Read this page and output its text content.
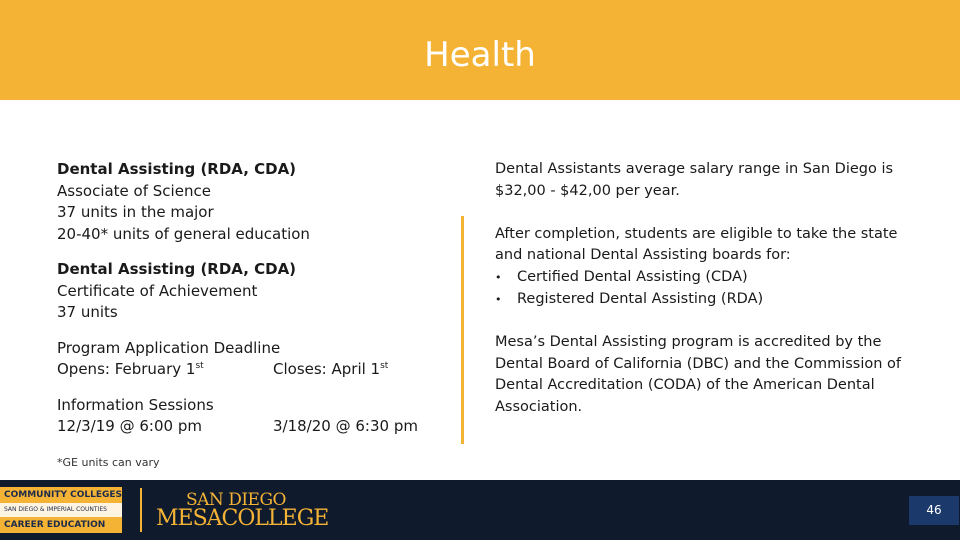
Health
Dental Assisting (RDA, CDA)
Associate of Science
37 units in the major
20-40* units of general education
Dental Assisting (RDA, CDA)
Certificate of Achievement
37 units
Program Application Deadline
Opens: February 1st	Closes: April 1st
Information Sessions
12/3/19 @ 6:00 pm	3/18/20 @ 6:30 pm
*GE units can vary
Dental Assistants average salary range in San Diego is
$32,00 - $42,00 per year.
After completion, students are eligible to take the state
and national Dental Assisting boards for:
• Certified Dental Assisting (CDA)
• Registered Dental Assisting (RDA)
Mesa’s Dental Assisting program is accredited by the
Dental Board of California (DBC) and the Commission of
Dental Accreditation (CODA) of the American Dental
Association.
COMMUNITY COLLEGES
SAN DIEGO & IMPERIAL COUNTIES
CAREER EDUCATION
SAN DIEGO
MESACOLLEGE	46
